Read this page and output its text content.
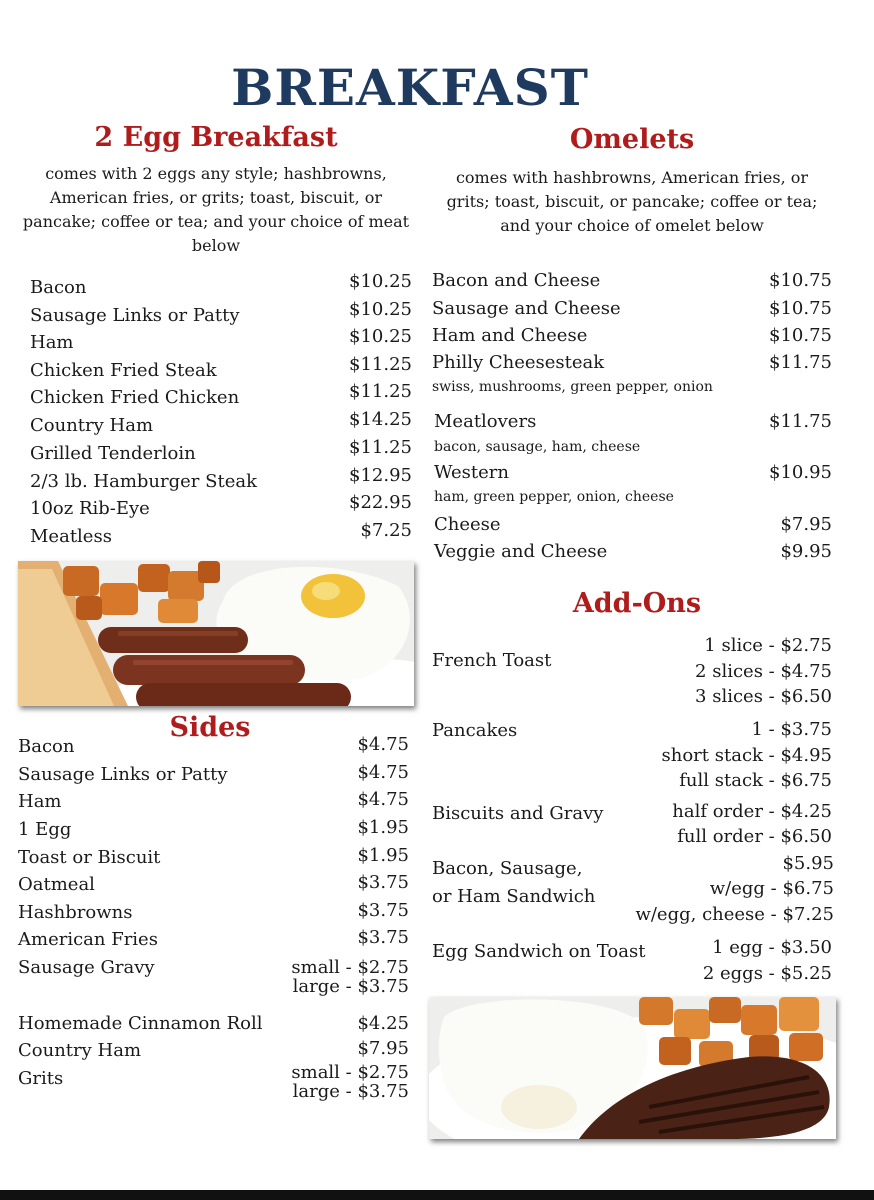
BREAKFAST
2 Egg Breakfast
comes with 2 eggs any style; hashbrowns, American fries, or grits; toast, biscuit, or pancake; coffee or tea; and your choice of meat below
Bacon	$10.25
Sausage Links or Patty	$10.25
Ham	$10.25
Chicken Fried Steak	$11.25
Chicken Fried Chicken	$11.25
Country Ham	$14.25
Grilled Tenderloin	$11.25
2/3 lb. Hamburger Steak	$12.95
10oz Rib-Eye	$22.95
Meatless	$7.25
Sides
Bacon	$4.75
Sausage Links or Patty	$4.75
Ham	$4.75
1 Egg	$1.95
Toast or Biscuit	$1.95
Oatmeal	$3.75
Hashbrowns	$3.75
American Fries	$3.75
Sausage Gravy	small - $2.75
large - $3.75
Homemade Cinnamon Roll	$4.25
Country Ham	$7.95
Grits	small - $2.75
large - $3.75
Omelets
comes with hashbrowns, American fries, or grits; toast, biscuit, or pancake; coffee or tea; and your choice of omelet below
Bacon and Cheese	$10.75
Sausage and Cheese	$10.75
Ham and Cheese	$10.75
Philly Cheesesteak	$11.75
swiss, mushrooms, green pepper, onion
Meatlovers	$11.75
bacon, sausage, ham, cheese
Western	$10.95
ham, green pepper, onion, cheese
Cheese	$7.95
Veggie and Cheese	$9.95
Add-Ons
French Toast
1 slice - $2.75
2 slices - $4.75
3 slices - $6.50
Pancakes	1 - $3.75
short stack - $4.95
full stack - $6.75
Biscuits and Gravy	half order - $4.25
full order - $6.50
Bacon, Sausage,
or Ham Sandwich
$5.95
w/egg - $6.75
w/egg, cheese - $7.25
Egg Sandwich on Toast	1 egg - $3.50
2 eggs - $5.25
